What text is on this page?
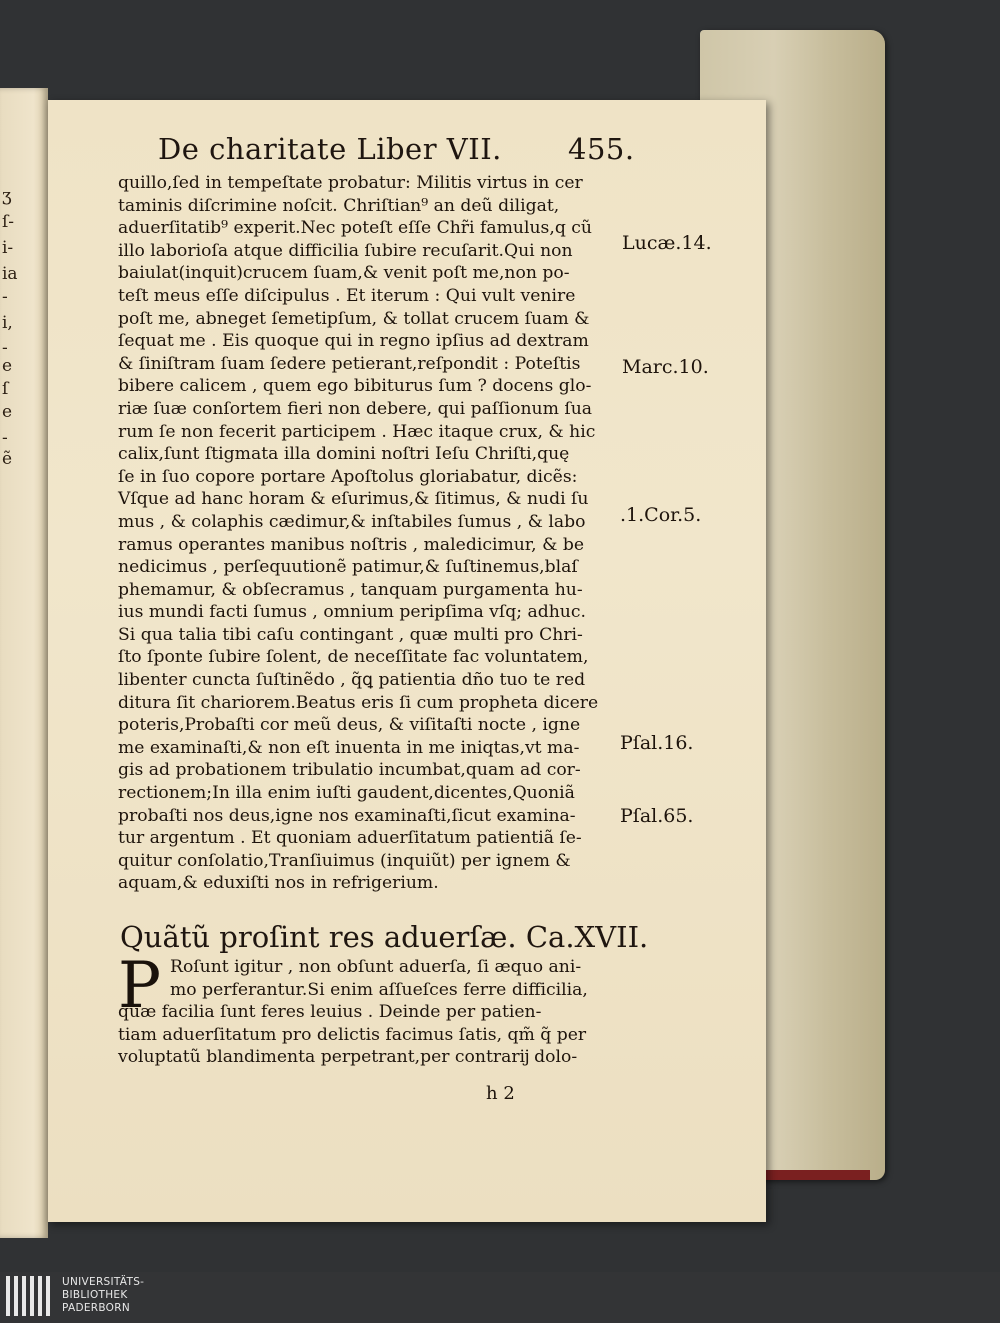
ʒ
ſ-
i-
ia
-
i,
-
e
ſ
e
-
ẽ
De charitate Liber VII. 455.
quillo,ſed in tempeſtate probatur: Militis virtus in cer
taminis diſcrimine noſcit. Chriſtian⁹ an deũ diligat,
aduerſitatib⁹ experit.Nec poteſt eſſe Chr̃i famulus,q cũ
illo laborioſa atque difficilia ſubire recuſarit.Qui non
baiulat(inquit)crucem ſuam,& venit poſt me,non po-
teſt meus eſſe diſcipulus . Et iterum : Qui vult venire
poſt me, abneget ſemetipſum, & tollat crucem ſuam &
ſequat me . Eis quoque qui in regno ipſius ad dextram
& ſiniſtram ſuam ſedere petierant,reſpondit : Poteſtis
bibere calicem , quem ego bibiturus ſum ? docens glo-
riæ ſuæ conſortem fieri non debere, qui paſſionum ſua
rum ſe non fecerit participem . Hæc itaque crux, & hic
calix,ſunt ſtigmata illa domini noſtri Ieſu Chriſti,quę
ſe in ſuo copore portare Apoſtolus gloriabatur, dicẽs:
Vſque ad hanc horam & eſurimus,& ſitimus, & nudi ſu
mus , & colaphis cædimur,& inſtabiles ſumus , & labo
ramus operantes manibus noſtris , maledicimur, & be
nedicimus , perſequutionẽ patimur,& ſuſtinemus,blaſ
phemamur, & obſecramus , tanquam purgamenta hu-
ius mundi facti ſumus , omnium peripſima vſq; adhuc.
Si qua talia tibi caſu contingant , quæ multi pro Chri-
ſto ſponte ſubire ſolent, de neceſſitate fac voluntatem,
libenter cuncta ſuſtinẽdo , q̃ꝗ patientia dño tuo te red
ditura ſit chariorem.Beatus eris ſi cum propheta dicere
poteris,Probaſti cor meũ deus, & viſitaſti nocte , igne
me examinaſti,& non eſt inuenta in me iniqtas,vt ma-
gis ad probationem tribulatio incumbat,quam ad cor-
rectionem;In illa enim iuſti gaudent,dicentes,Quoniã
probaſti nos deus,igne nos examinaſti,ſicut examina-
tur argentum . Et quoniam aduerſitatum patientiã ſe-
quitur conſolatio,Tranſiuimus (inquiũt) per ignem &
aquam,& eduxiſti nos in refrigerium.
Quãtũ proſint res aduerſæ. Ca.XVII.
P Roſunt igitur , non obſunt aduerſa, ſi æquo ani-
mo perferantur.Si enim aſſueſces ferre difficilia,
quæ facilia ſunt feres leuius . Deinde per patien-
tiam aduerſitatum pro delictis facimus ſatis, qm̃ q̃ per
voluptatũ blandimenta perpetrant,per contrarĳ dolo-
h 2
Lucæ.14.
Marc.10.
.1.Cor.5.
Pſal.16.
Pſal.65.
UNIVERSITÄTS-
BIBLIOTHEK
PADERBORN
